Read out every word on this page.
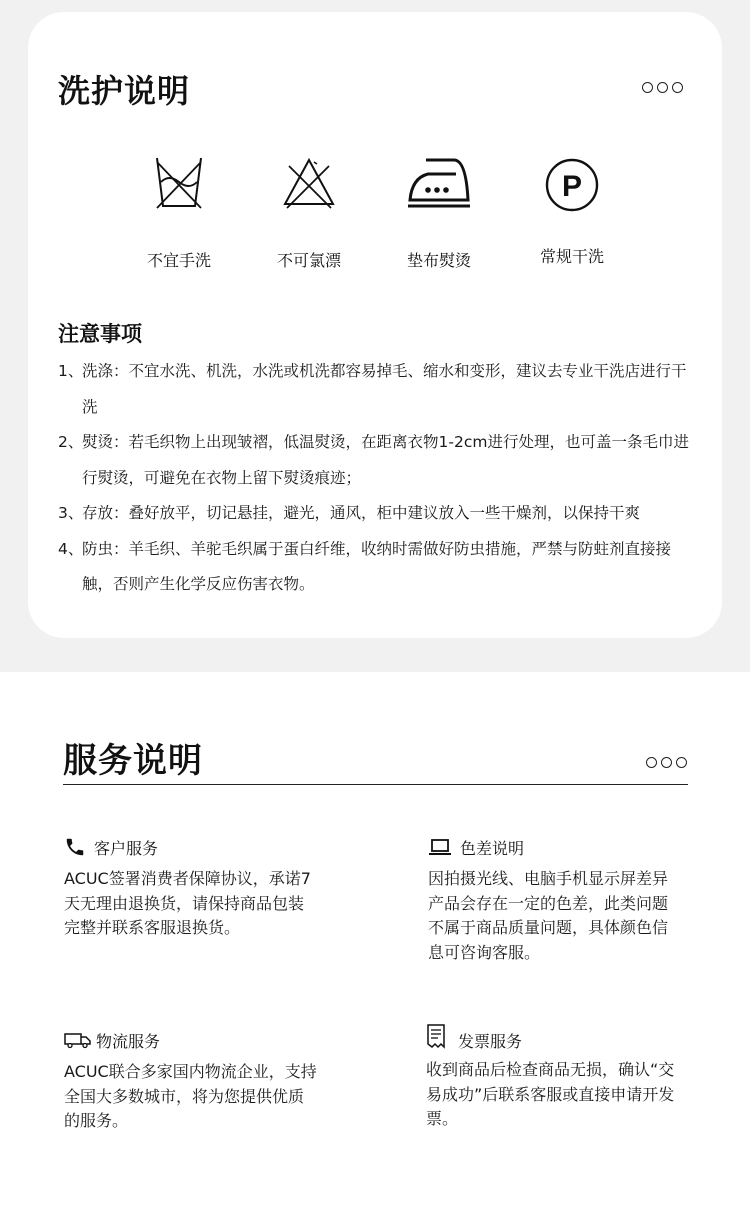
洗护说明
不宜手洗	不可氯漂	垫布熨烫
P
常规干洗
注意事项
1、
洗涤：不宜水洗、机洗，水洗或机洗都容易掉毛、缩水和变形，建议去专业干洗店进行干洗
2、
熨烫：若毛织物上出现皱褶，低温熨烫，在距离衣物1-2cm进行处理，也可盖一条毛巾进行熨烫，可避免在衣物上留下熨烫痕迹；
3、
存放：叠好放平，切记悬挂，避光，通风，柜中建议放入一些干燥剂，以保持干爽
4、
防虫：羊毛织、羊驼毛织属于蛋白纤维，收纳时需做好防虫措施，严禁与防蛀剂直接接触，否则产生化学反应伤害衣物。
服务说明
客户服务
ACUC签署消费者保障协议，承诺7天无理由退换货，请保持商品包装完整并联系客服退换货。
色差说明
因拍摄光线、电脑手机显示屏差异产品会存在一定的色差，此类问题不属于商品质量问题，具体颜色信息可咨询客服。
物流服务
ACUC联合多家国内物流企业，支持全国大多数城市，将为您提供优质的服务。
发票服务
收到商品后检查商品无损，确认“交易成功”后联系客服或直接申请开发票。
